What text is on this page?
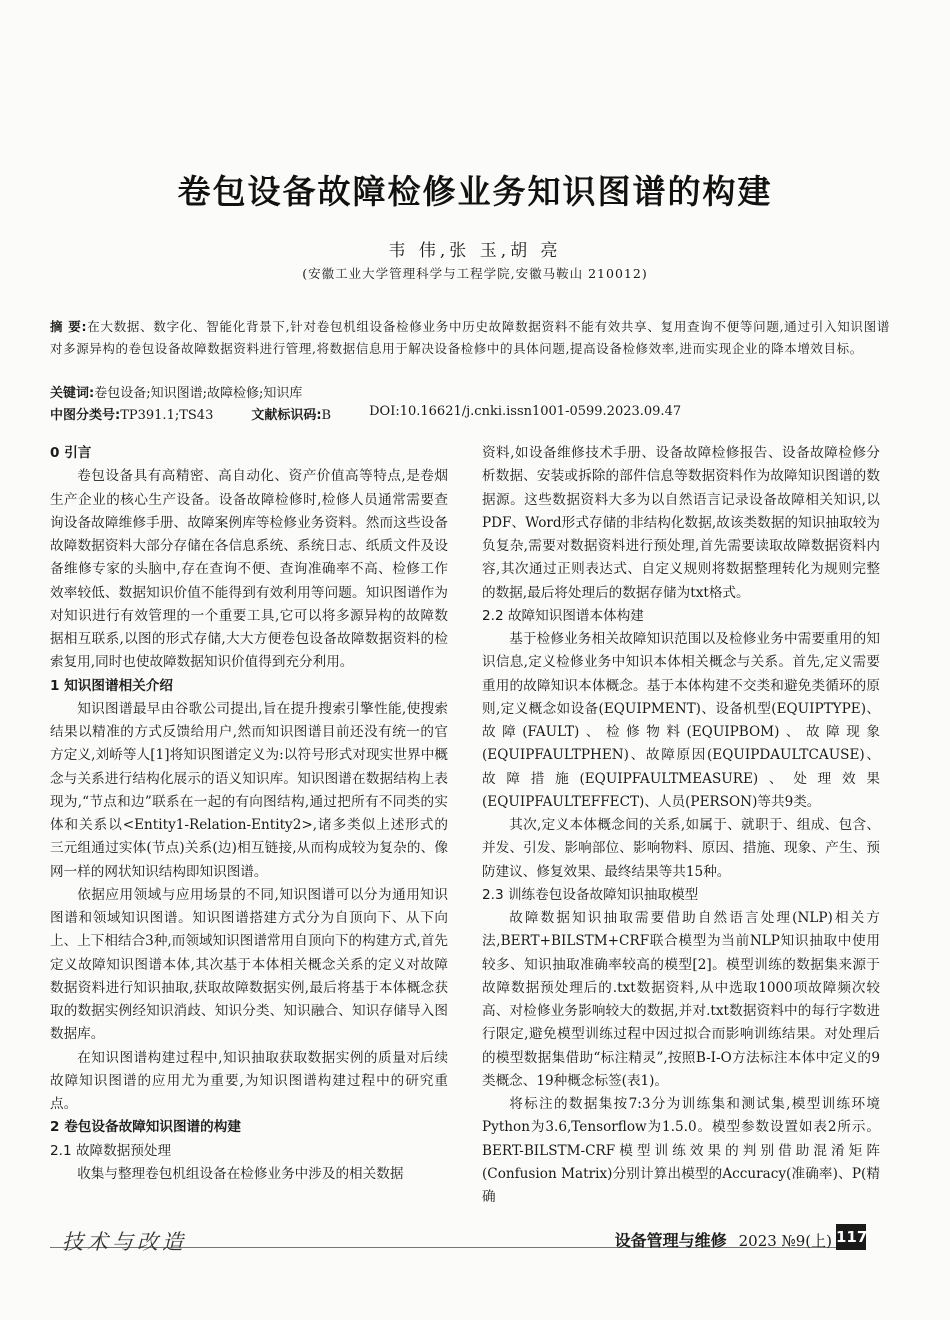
卷包设备故障检修业务知识图谱的构建
韦 伟,张 玉,胡 亮
(安徽工业大学管理科学与工程学院,安徽马鞍山 210012)
摘 要:在大数据、数字化、智能化背景下,针对卷包机组设备检修业务中历史故障数据资料不能有效共享、复用查询不便等问题,通过引入知识图谱对多源异构的卷包设备故障数据资料进行管理,将数据信息用于解决设备检修中的具体问题,提高设备检修效率,进而实现企业的降本增效目标。
关键词:卷包设备;知识图谱;故障检修;知识库
中图分类号:TP391.1;TS43	文献标识码:B	DOI:10.16621/j.cnki.issn1001-0599.2023.09.47
0 引言

卷包设备具有高精密、高自动化、资产价值高等特点,是卷烟生产企业的核心生产设备。设备故障检修时,检修人员通常需要查询设备故障维修手册、故障案例库等检修业务资料。然而这些设备故障数据资料大部分存储在各信息系统、系统日志、纸质文件及设备维修专家的头脑中,存在查询不便、查询准确率不高、检修工作效率较低、数据知识价值不能得到有效利用等问题。知识图谱作为对知识进行有效管理的一个重要工具,它可以将多源异构的故障数据相互联系,以图的形式存储,大大方便卷包设备故障数据资料的检索复用,同时也使故障数据知识价值得到充分利用。

1 知识图谱相关介绍

知识图谱最早由谷歌公司提出,旨在提升搜索引擎性能,使搜索结果以精准的方式反馈给用户,然而知识图谱目前还没有统一的官方定义,刘峤等人[1]将知识图谱定义为:以符号形式对现实世界中概念与关系进行结构化展示的语义知识库。知识图谱在数据结构上表现为,“节点和边”联系在一起的有向图结构,通过把所有不同类的实体和关系以<Entity1-Relation-Entity2>,诸多类似上述形式的三元组通过实体(节点)关系(边)相互链接,从而构成较为复杂的、像网一样的网状知识结构即知识图谱。

依据应用领域与应用场景的不同,知识图谱可以分为通用知识图谱和领域知识图谱。知识图谱搭建方式分为自顶向下、从下向上、上下相结合3种,而领域知识图谱常用自顶向下的构建方式,首先定义故障知识图谱本体,其次基于本体相关概念关系的定义对故障数据资料进行知识抽取,获取故障数据实例,最后将基于本体概念获取的数据实例经知识消歧、知识分类、知识融合、知识存储导入图数据库。

在知识图谱构建过程中,知识抽取获取数据实例的质量对后续故障知识图谱的应用尤为重要,为知识图谱构建过程中的研究重点。

2 卷包设备故障知识图谱的构建
2.1 故障数据预处理

收集与整理卷包机组设备在检修业务中涉及的相关数据

资料,如设备维修技术手册、设备故障检修报告、设备故障检修分析数据、安装或拆除的部件信息等数据资料作为故障知识图谱的数据源。这些数据资料大多为以自然语言记录设备故障相关知识,以PDF、Word形式存储的非结构化数据,故该类数据的知识抽取较为负复杂,需要对数据资料进行预处理,首先需要读取故障数据资料内容,其次通过正则表达式、自定义规则将数据整理转化为规则完整的数据,最后将处理后的数据存储为txt格式。

2.2 故障知识图谱本体构建

基于检修业务相关故障知识范围以及检修业务中需要重用的知识信息,定义检修业务中知识本体相关概念与关系。首先,定义需要重用的故障知识本体概念。基于本体构建不交类和避免类循环的原则,定义概念如设备(EQUIPMENT)、设备机型(EQUIPTYPE)、故障(FAULT)、检修物料(EQUIPBOM)、故障现象(EQUIPFAULTPHEN)、故障原因(EQUIPDAULTCAUSE)、故障措施(EQUIPFAULTMEASURE)、处理效果(EQUIPFAULTEFFECT)、人员(PERSON)等共9类。

其次,定义本体概念间的关系,如属于、就职于、组成、包含、并发、引发、影响部位、影响物料、原因、措施、现象、产生、预防建议、修复效果、最终结果等共15种。

2.3 训练卷包设备故障知识抽取模型

故障数据知识抽取需要借助自然语言处理(NLP)相关方法,BERT+BILSTM+CRF联合模型为当前NLP知识抽取中使用较多、知识抽取准确率较高的模型[2]。模型训练的数据集来源于故障数据预处理后的.txt数据资料,从中选取1000项故障频次较高、对检修业务影响较大的数据,并对.txt数据资料中的每行字数进行限定,避免模型训练过程中因过拟合而影响训练结果。对处理后的模型数据集借助“标注精灵”,按照B-I-O方法标注本体中定义的9类概念、19种概念标签(表1)。

将标注的数据集按7:3分为训练集和测试集,模型训练环境Python为3.6,Tensorflow为1.5.0。模型参数设置如表2所示。BERT-BILSTM-CRF模型训练效果的判别借助混淆矩阵(Confusion Matrix)分别计算出模型的Accuracy(准确率)、P(精确

技术与改造	设备管理与维修 2023 №9(上) 117
